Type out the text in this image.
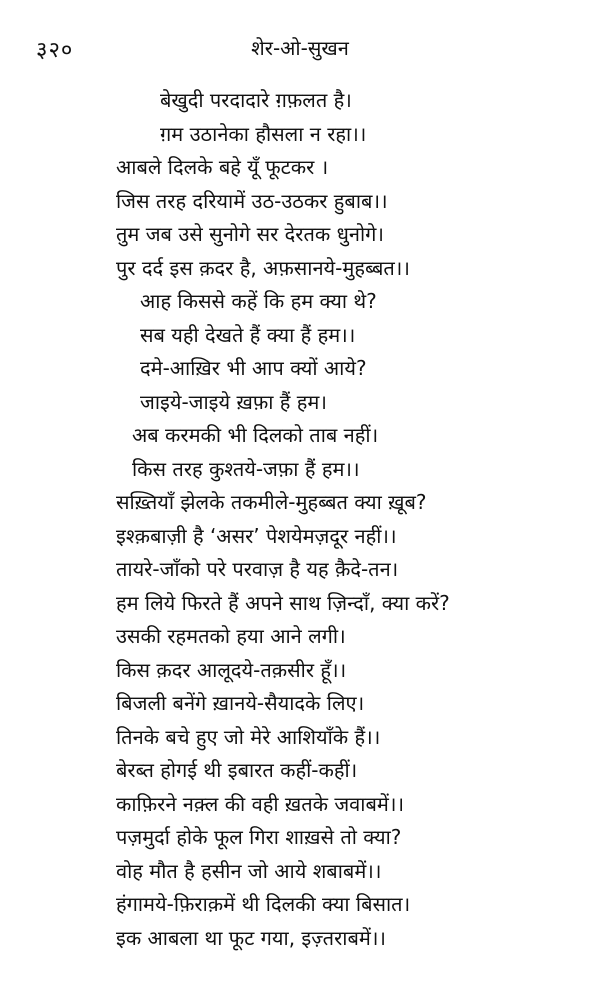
३२०	शेर-ओ-सुखन
बेखुदी परदादारे ग़फ़लत है।
ग़म उठानेका हौसला न रहा।।
आबले दिलके बहे यूँ फूटकर ।
जिस तरह दरियामें उठ-उठकर हुबाब।।
तुम जब उसे सुनोगे सर देरतक धुनोगे।
पुर दर्द इस क़दर है, अफ़सानये-मुहब्बत।।
आह किससे कहें कि हम क्या थे?
सब यही देखते हैं क्या हैं हम।।
दमे-आख़िर भी आप क्यों आये?
जाइये-जाइये ख़फ़ा हैं हम।
अब करमकी भी दिलको ताब नहीं।
किस तरह कुश्तये-जफ़ा हैं हम।।
सख़्तियाँ झेलके तकमीले-मुहब्बत क्या ख़ूब?
इश्क़बाज़ी है ‘असर’ पेशयेमज़दूर नहीं।।
तायरे-जाँको परे परवाज़ है यह क़ैदे-तन।
हम लिये फिरते हैं अपने साथ ज़िन्दाँ, क्या करें?
उसकी रहमतको हया आने लगी।
किस क़दर आलूदये-तक़सीर हूँ।।
बिजली बनेंगे ख़ानये-सैयादके लिए।
तिनके बचे हुए जो मेरे आशियाँके हैं।।
बेरब्त होगई थी इबारत कहीं-कहीं।
काफ़िरने नक़्ल की वही ख़तके जवाबमें।।
पज़मुर्दा होके फूल गिरा शाख़से तो क्या?
वोह मौत है हसीन जो आये शबाबमें।।
हंगामये-फ़िराक़में थी दिलकी क्या बिसात।
इक आबला था फूट गया, इज़्तराबमें।।
